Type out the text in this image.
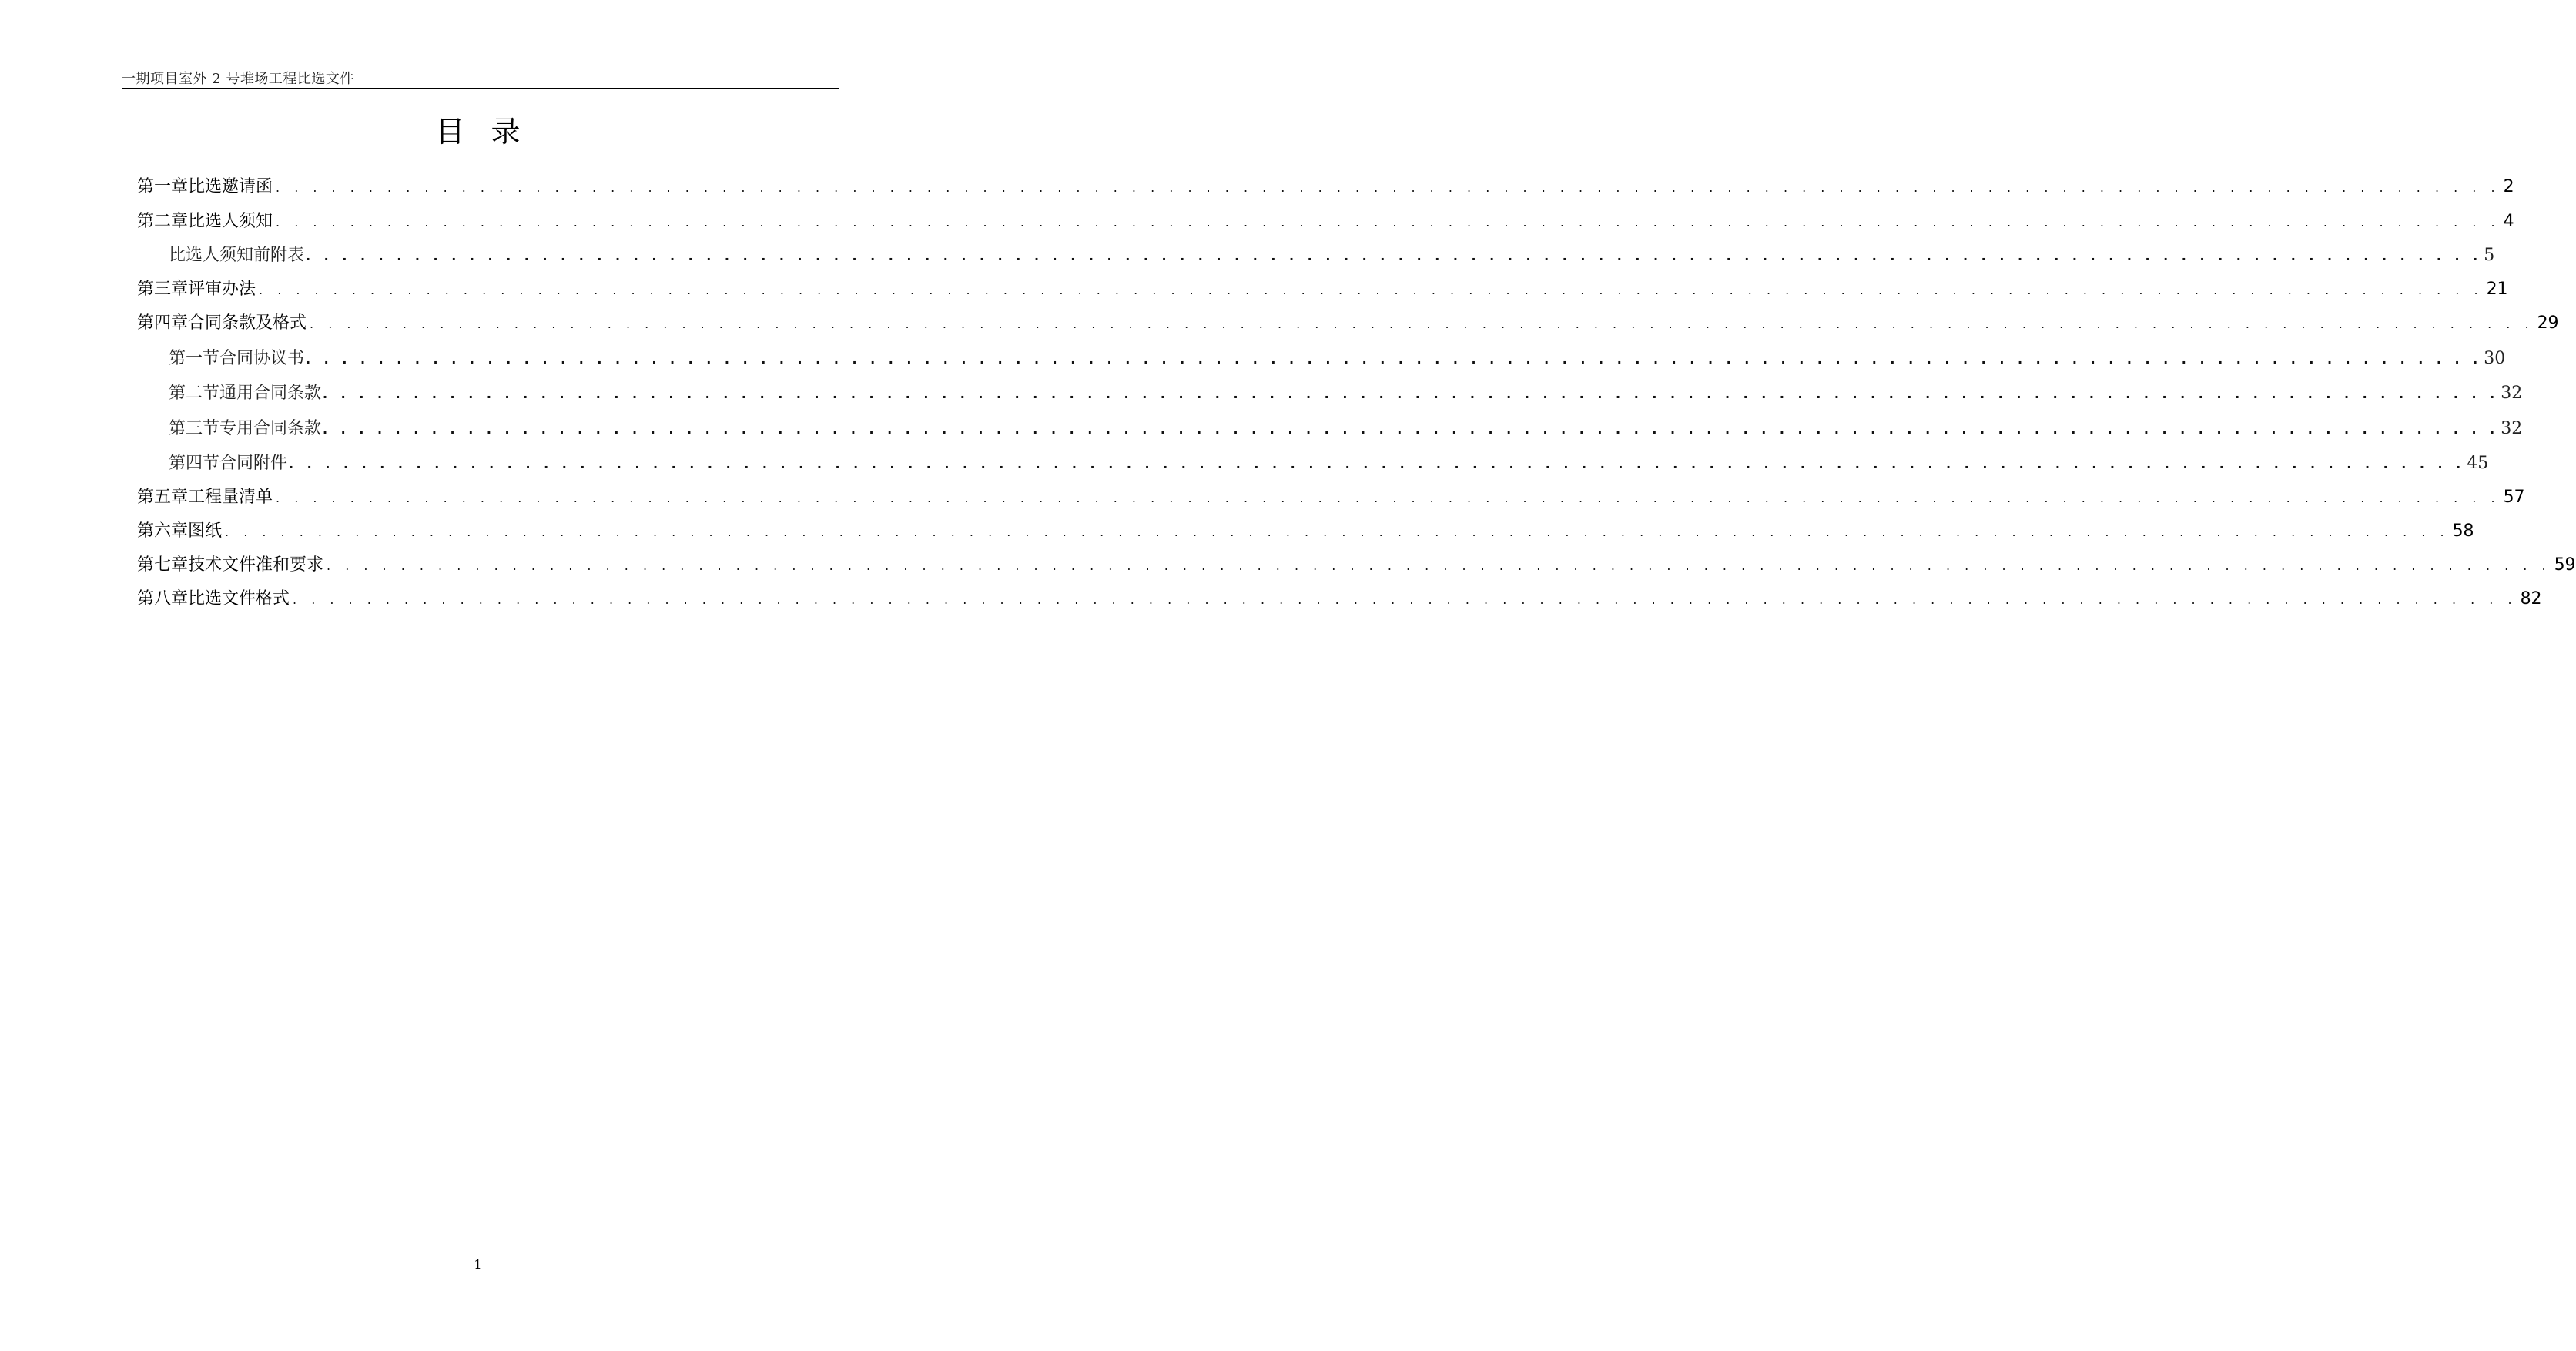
一期项目室外 2 号堆场工程比选文件
目录
第一章比选邀请函 . . . . . . . . . . . . . . . . . . . . . . . . . . . . . . . . . . . . . . . . . . . . . . . . . . . . . . . . . . . . . . . . . . . . . . . . . . . . . . . . . . . . . . . . . . . . . . . . . . . . . . . . . . . . . . . . . . . . . . . . 2
第二章比选人须知 . . . . . . . . . . . . . . . . . . . . . . . . . . . . . . . . . . . . . . . . . . . . . . . . . . . . . . . . . . . . . . . . . . . . . . . . . . . . . . . . . . . . . . . . . . . . . . . . . . . . . . . . . . . . . . . . . . . . . . . . 4
比选人须知前附表 . . . . . . . . . . . . . . . . . . . . . . . . . . . . . . . . . . . . . . . . . . . . . . . . . . . . . . . . . . . . . . . . . . . . . . . . . . . . . . . . . . . . . . . . . . . . . . . . . . . . . . . . . . . . . . . . . . . . . . . . 5
第三章评审办法 . . . . . . . . . . . . . . . . . . . . . . . . . . . . . . . . . . . . . . . . . . . . . . . . . . . . . . . . . . . . . . . . . . . . . . . . . . . . . . . . . . . . . . . . . . . . . . . . . . . . . . . . . . . . . . . . . . . . . . . . 21
第四章合同条款及格式 . . . . . . . . . . . . . . . . . . . . . . . . . . . . . . . . . . . . . . . . . . . . . . . . . . . . . . . . . . . . . . . . . . . . . . . . . . . . . . . . . . . . . . . . . . . . . . . . . . . . . . . . . . . . . . . . . . . . . . . . 29
第一节合同协议书 . . . . . . . . . . . . . . . . . . . . . . . . . . . . . . . . . . . . . . . . . . . . . . . . . . . . . . . . . . . . . . . . . . . . . . . . . . . . . . . . . . . . . . . . . . . . . . . . . . . . . . . . . . . . . . . . . . . . . . . . 30
第二节通用合同条款 . . . . . . . . . . . . . . . . . . . . . . . . . . . . . . . . . . . . . . . . . . . . . . . . . . . . . . . . . . . . . . . . . . . . . . . . . . . . . . . . . . . . . . . . . . . . . . . . . . . . . . . . . . . . . . . . . . . . . . . . 32
第三节专用合同条款 . . . . . . . . . . . . . . . . . . . . . . . . . . . . . . . . . . . . . . . . . . . . . . . . . . . . . . . . . . . . . . . . . . . . . . . . . . . . . . . . . . . . . . . . . . . . . . . . . . . . . . . . . . . . . . . . . . . . . . . . 32
第四节合同附件 . . . . . . . . . . . . . . . . . . . . . . . . . . . . . . . . . . . . . . . . . . . . . . . . . . . . . . . . . . . . . . . . . . . . . . . . . . . . . . . . . . . . . . . . . . . . . . . . . . . . . . . . . . . . . . . . . . . . . . . . 45
第五章工程量清单 . . . . . . . . . . . . . . . . . . . . . . . . . . . . . . . . . . . . . . . . . . . . . . . . . . . . . . . . . . . . . . . . . . . . . . . . . . . . . . . . . . . . . . . . . . . . . . . . . . . . . . . . . . . . . . . . . . . . . . . . 57
第六章图纸 . . . . . . . . . . . . . . . . . . . . . . . . . . . . . . . . . . . . . . . . . . . . . . . . . . . . . . . . . . . . . . . . . . . . . . . . . . . . . . . . . . . . . . . . . . . . . . . . . . . . . . . . . . . . . . . . . . . . . . . . 58
第七章技术文件准和要求 . . . . . . . . . . . . . . . . . . . . . . . . . . . . . . . . . . . . . . . . . . . . . . . . . . . . . . . . . . . . . . . . . . . . . . . . . . . . . . . . . . . . . . . . . . . . . . . . . . . . . . . . . . . . . . . . . . . . . . . . 59
第八章比选文件格式 . . . . . . . . . . . . . . . . . . . . . . . . . . . . . . . . . . . . . . . . . . . . . . . . . . . . . . . . . . . . . . . . . . . . . . . . . . . . . . . . . . . . . . . . . . . . . . . . . . . . . . . . . . . . . . . . . . . . . . . . 82
1
